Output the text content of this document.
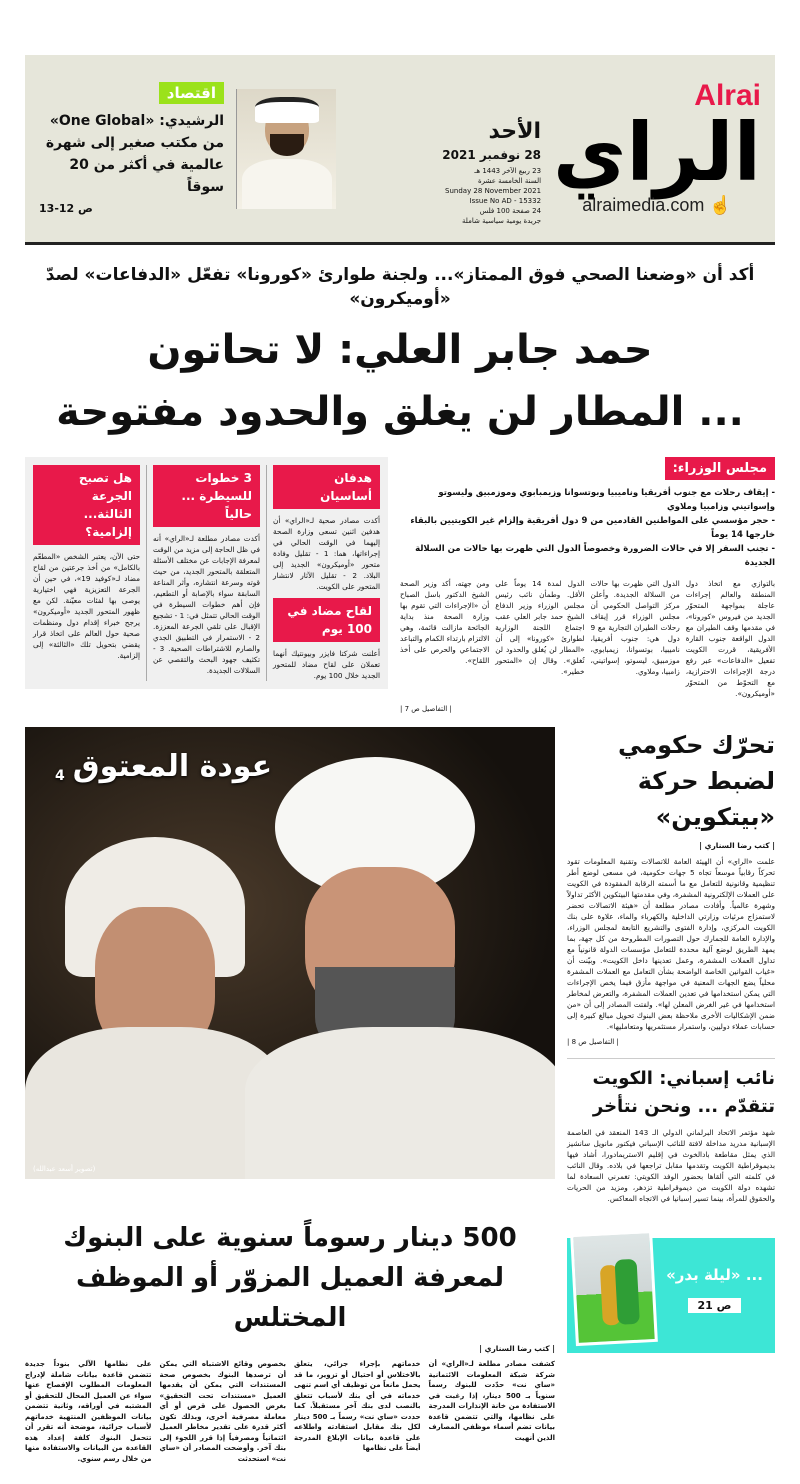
Alrai
الراي
alraimedia.com ☝
الأحد
28 نوفمبر 2021
23 ربيع الآخر 1443 هـ
السنة الخامسة عشرة
Sunday 28 November 2021
Issue No AD - 15332
24 صفحة 100 فلس
جريدة يومية سياسية شاملة
اقتصاد
الرشيدي: «One Global» من مكتب صغير إلى شهرة عالمية في أكثر من 20 سوقاً
ص 12-13
أكد أن «وضعنا الصحي فوق الممتاز»... ولجنة طوارئ «كورونا» تفعّل «الدفاعات» لصدّ «أوميكرون»
حمد جابر العلي: لا تحاتون
... المطار لن يغلق والحدود مفتوحة
مجلس الوزراء:
- إيقاف رحلات مع جنوب أفريقيا وناميبيا وبوتسوانا وزيمبابوي وموزمبيق وليسوتو وإسواتيني وزامبيا وملاوي
- حجر مؤسسي على المواطنين القادمين من 9 دول أفريقية وإلزام غير الكويتيين بالبقاء خارجها 14 يوماً
- تجنب السفر إلا في حالات الضرورة وخصوصاً الدول التي ظهرت بها حالات من السلالة الجديدة
بالتوازي مع اتخاذ دول المنطقة والعالم إجراءات عاجلة بمواجهة المتحوّر الجديد من فيروس «كورونا»، في مقدمها وقف الطيران مع الدول الواقعة جنوب القارة الأفريقية، قررت الكويت تفعيل «الدفاعات» عبر رفع درجة الإجراءات الاحترازية، مع التحوّط من المتحوّر «أوميكرون».
الدول التي ظهرت بها حالات من السلالة الجديدة. وأعلن مركز التواصل الحكومي أن مجلس الوزراء قرر إيقاف رحلات الطيران التجارية مع 9 دول هي: جنوب أفريقيا، ناميبيا، بوتسوانا، زيمبابوي، موزمبيق، ليسوتو، إسواتيني، زامبيا، وملاوي.
الدول لمدة 14 يوماً على الأقل. وطمأن نائب رئيس مجلس الوزراء وزير الدفاع الشيخ حمد جابر العلي عقب اجتماع اللجنة الوزارية لطوارئ «كورونا» إلى أن «المطار لن يُغلق والحدود لن تُغلق». وقال إن «المتحور خطير».
ومن جهته، أكد وزير الصحة الشيخ الدكتور باسل الصباح أن «الإجراءات التي تقوم بها وزارة الصحة منذ بداية الجائحة مازالت قائمة، وهي الالتزام بارتداء الكمام والتباعد الاجتماعي والحرص على أخذ اللقاح».
| التفاصيل ص 7 |
هدفان أساسيان
أكدت مصادر صحية لـ«الراي» أن هدفين اثنين تسعى وزارة الصحة إليهما في الوقت الحالي في إجراءاتها، هما: 1 - تقليل وفادة متحور «أوميكرون» الجديد إلى البلاد. 2 - تقليل الآثار لانتشار المتحور على الكويت.
لقاح مضاد في 100 يوم
أعلنت شركتا فايزر وبيونتيك أنهما تعملان على لقاح مضاد للمتحور الجديد خلال 100 يوم.
3 خطوات للسيطرة ... حالياً
أكدت مصادر مطلعة لـ«الراي» أنه في ظل الحاجة إلى مزيد من الوقت لمعرفة الإجابات عن مختلف الأسئلة المتعلقة بالمتحور الجديد، من حيث قوته وسرعة انتشاره، وأثر المناعة السابقة سواء بالإصابة أو التطعيم، فإن أهم خطوات السيطرة في الوقت الحالي تتمثل في: 1 - تشجيع الإقبال على تلقي الجرعة المعززة. 2 - الاستمرار في التطبيق الجدي والصارم للاشتراطات الصحية. 3 - تكثيف جهود البحث والتقصي عن السلالات الجديدة.
هل تصبح الجرعة الثالثة... إلزامية؟
حتى الآن، يعتبر الشخص «المطعّم بالكامل» من أخذ جرعتين من لقاح مضاد لـ«كوفيد 19»، في حين أن الجرعة التعزيزية فهي اختيارية يوصى بها لفئات معيّنة. لكن مع ظهور المتحور الجديد «أوميكرون» يرجح خبراء إقدام دول ومنظمات صحية حول العالم على اتخاذ قرار يقضي بتحويل تلك «الثالثة» إلى إلزامية.
تحرّك حكومي لضبط حركة «بيتكوين»
| كتب رضا السناري |
علمت «الراي» أن الهيئة العامة للاتصالات وتقنية المعلومات تقود تحركاً رقابياً موسعاً تجاه 5 جهات حكومية، في مسعى لوضع أطر تنظيمية وقانونية للتعامل مع ما أسمته الرقابة المفقودة في الكويت على العملات الإلكترونية المشفرة، وفي مقدمتها البيتكوين الأكثر تداولاً وشهرة عالمياً. وأفادت مصادر مطلعة أن «هيئة الاتصالات تحضر لاستمزاج مرئيات وزارتي الداخلية والكهرباء والماء، علاوة على بنك الكويت المركزي، وإدارة الفتوى والتشريع التابعة لمجلس الوزراء، والإدارة العامة للجمارك حول التصورات المطروحة من كل جهة، بما يمهد الطريق لوضع آلية محددة للتعامل مؤسسات الدولة قانونياً مع تداول العملات المشفرة، وعمل تعدينها داخل الكويت». وبيّنت أن «غياب القوانين الخاصة الواضحة بشأن التعامل مع العملات المشفرة محلياً يضع الجهات المعنية في مواجهة مأزق فيما يخص الإجراءات التي يمكن استخدامها في تعدين العملات المشفرة، والتعرض لمخاطر استخدامها في غير الغرض المعلن لها». ولفتت المصادر إلى أن «من ضمن الإشكاليات الأخرى ملاحظة بعض البنوك تحويل مبالغ كبيرة إلى حسابات عملاء دوليين، واستمرار مستثمريها ومتعامليها».
| التفاصيل ص 8 |
نائب إسباني: الكويت تتقدّم ... ونحن نتأخر
شهد مؤتمر الاتحاد البرلماني الدولي الـ 143 المنعقد في العاصمة الإسبانية مدريد مداخلة لافتة للنائب الإسباني فيكتور مانويل سانشيز الذي يمثل مقاطعة بادالخوث في إقليم الاستريمادورا، أشاد فيها بديموقراطية الكويت وتقدمها مقابل تراجعها في بلاده. وقال النائب في كلمته التي ألقاها بحضور الوفد الكويتي: تغمرني السعادة لما تشهده دولة الكويت من ديموقراطية تزدهر، ومزيد من الحريات والحقوق للمرأة، بينما تسير إسبانيا في الاتجاه المعاكس.
عودة المعتوق
4
(تصوير أسعد عبدالله)
... «ليلة بدر»
ص 21
500 دينار رسوماً سنوية على البنوك
لمعرفة العميل المزوّر أو الموظف المختلس
| كتب رضا السناري |
كشفت مصادر مطلعة لـ«الراي» أن شركة شبكة المعلومات الائتمانية «ساي نت» حدّدت للبنوك رسماً سنوياً بـ 500 دينار، إذا رغبت في الاستفادة من خانة الإنذارات المدرجة على نظامها، والتي تتضمن قاعدة بيانات تضم أسماء موظفي المصارف الذين أنهيت
خدماتهم بإجراء جزائي، يتعلق بالاختلاس أو احتيال أو تزوير، ما قد يحمل مانعاً من توظيف أي اسم تنهى خدماته في أي بنك لأسباب تتعلق بالنصب لدى بنك آخر مستقبلاً. كما حددت «ساي نت» رسماً بـ 500 دينار لكل بنك مقابل استفادته واطلاعه على قاعدة بيانات الإبلاغ المدرجة أيضاً على نظامها
بخصوص وقائع الاشتباه التي يمكن أن ترصدها البنوك بخصوص صحة المستندات التي يمكن أن يقدمها العميل «مستندات تحت التحقيق» بغرض الحصول على قرض أو أي معاملة مصرفية أخرى، وبذلك تكون أكثر قدرة على تقدير مخاطر العميل ائتمانياً ومصرفياً إذا قرر اللجوء إلى بنك آخر. وأوضحت المصادر أن «ساي نت» استحدثت
على نظامها الآلي بنوداً جديدة تتضمن قاعدة بيانات شاملة لإدراج المعلومات المطلوب الإفصاح عنها سواء عن العميل المحال للتحقيق أو المشتبه في أوراقه، وثانية تتضمن بيانات الموظفين المنتهية خدماتهم لأسباب جزائية، موضحة أنه تقرر أن تتحمل البنوك كلفة إعداد هذه القاعدة من البيانات والاستفادة منها من خلال رسم سنوي.
